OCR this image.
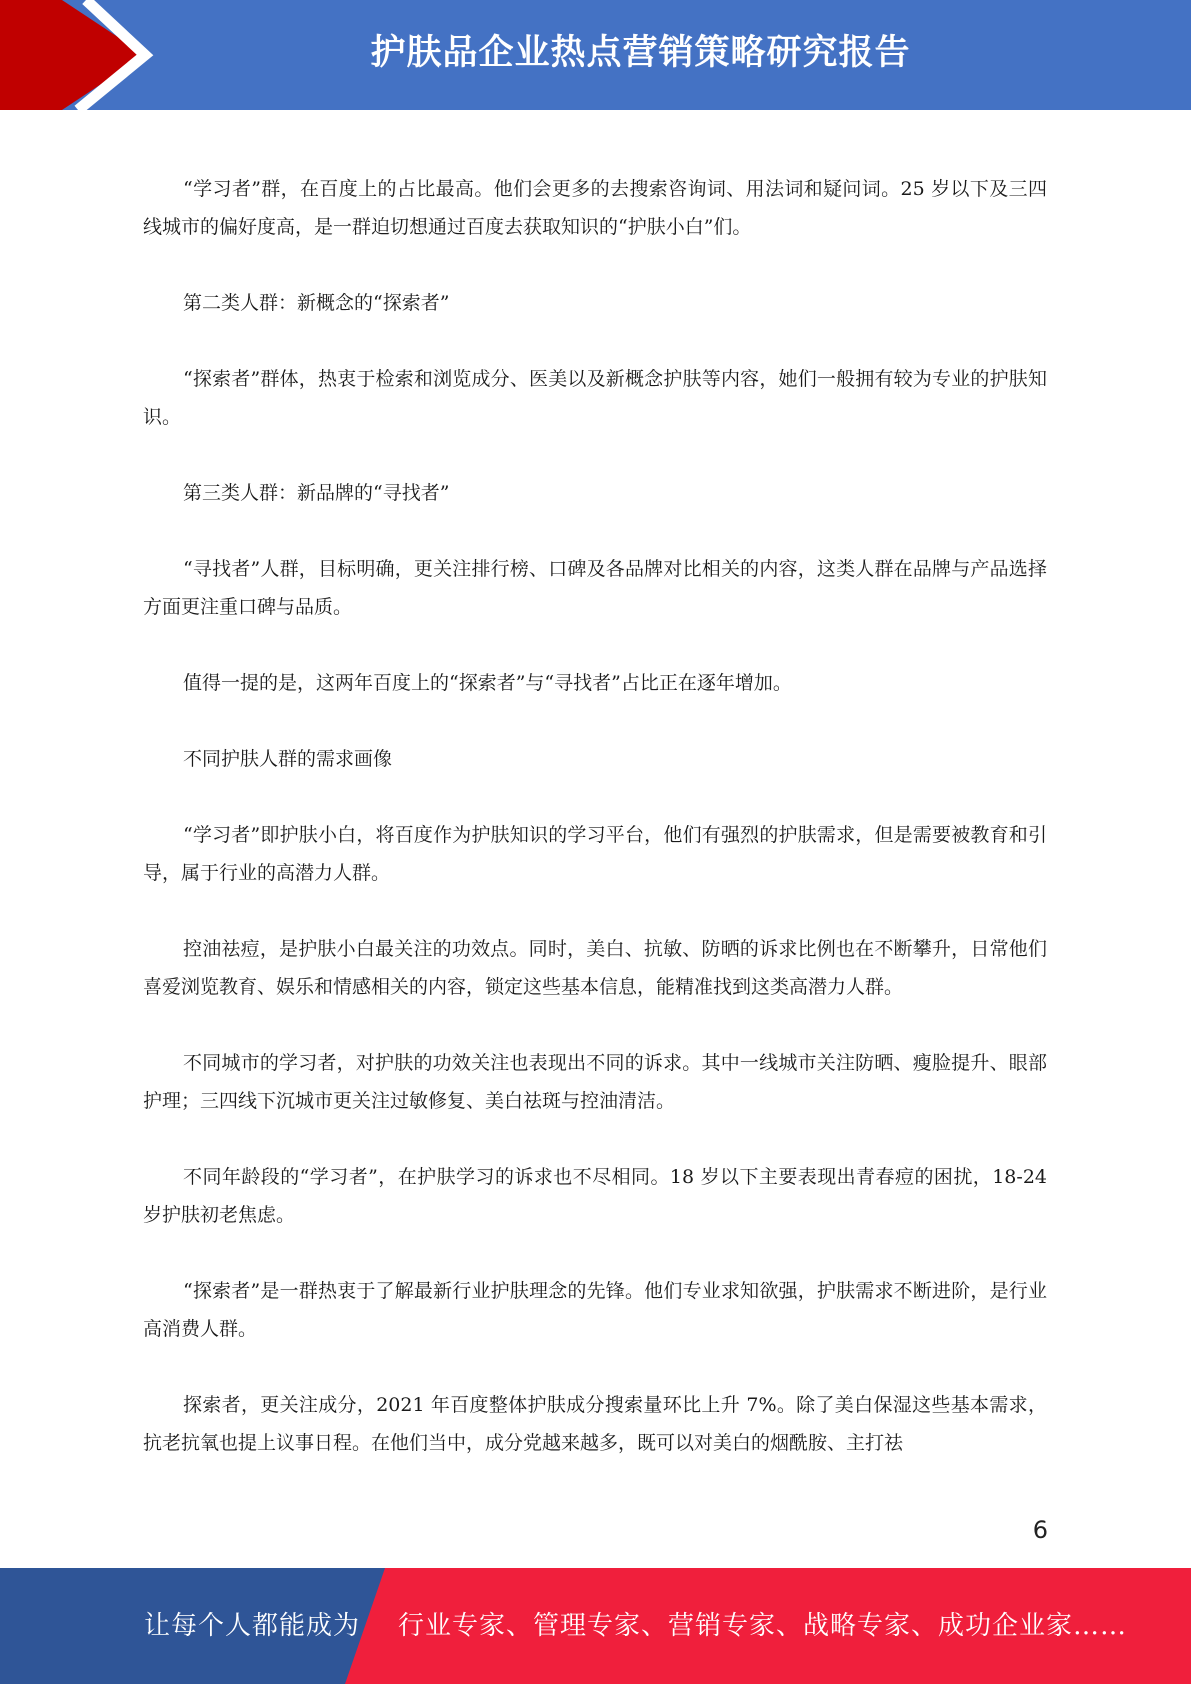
护肤品企业热点营销策略研究报告

“学习者”群，在百度上的占比最高。他们会更多的去搜索咨询词、用法词和疑问词。25 岁以下及三四线城市的偏好度高，是一群迫切想通过百度去获取知识的“护肤小白”们。

第二类人群：新概念的“探索者”

“探索者”群体，热衷于检索和浏览成分、医美以及新概念护肤等内容，她们一般拥有较为专业的护肤知识。

第三类人群：新品牌的“寻找者”

“寻找者”人群，目标明确，更关注排行榜、口碑及各品牌对比相关的内容，这类人群在品牌与产品选择方面更注重口碑与品质。

值得一提的是，这两年百度上的“探索者”与“寻找者”占比正在逐年增加。

不同护肤人群的需求画像

“学习者”即护肤小白，将百度作为护肤知识的学习平台，他们有强烈的护肤需求，但是需要被教育和引导，属于行业的高潜力人群。

控油祛痘，是护肤小白最关注的功效点。同时，美白、抗敏、防晒的诉求比例也在不断攀升，日常他们喜爱浏览教育、娱乐和情感相关的内容，锁定这些基本信息，能精准找到这类高潜力人群。

不同城市的学习者，对护肤的功效关注也表现出不同的诉求。其中一线城市关注防晒、瘦脸提升、眼部护理；三四线下沉城市更关注过敏修复、美白祛斑与控油清洁。

不同年龄段的“学习者”，在护肤学习的诉求也不尽相同。18 岁以下主要表现出青春痘的困扰，18-24 岁护肤初老焦虑。

“探索者”是一群热衷于了解最新行业护肤理念的先锋。他们专业求知欲强，护肤需求不断进阶，是行业高消费人群。

探索者，更关注成分，2021 年百度整体护肤成分搜索量环比上升 7%。除了美白保湿这些基本需求，抗老抗氧也提上议事日程。在他们当中，成分党越来越多，既可以对美白的烟酰胺、主打祛

6
让每个人都能成为 行业专家、管理专家、营销专家、战略专家、成功企业家……
